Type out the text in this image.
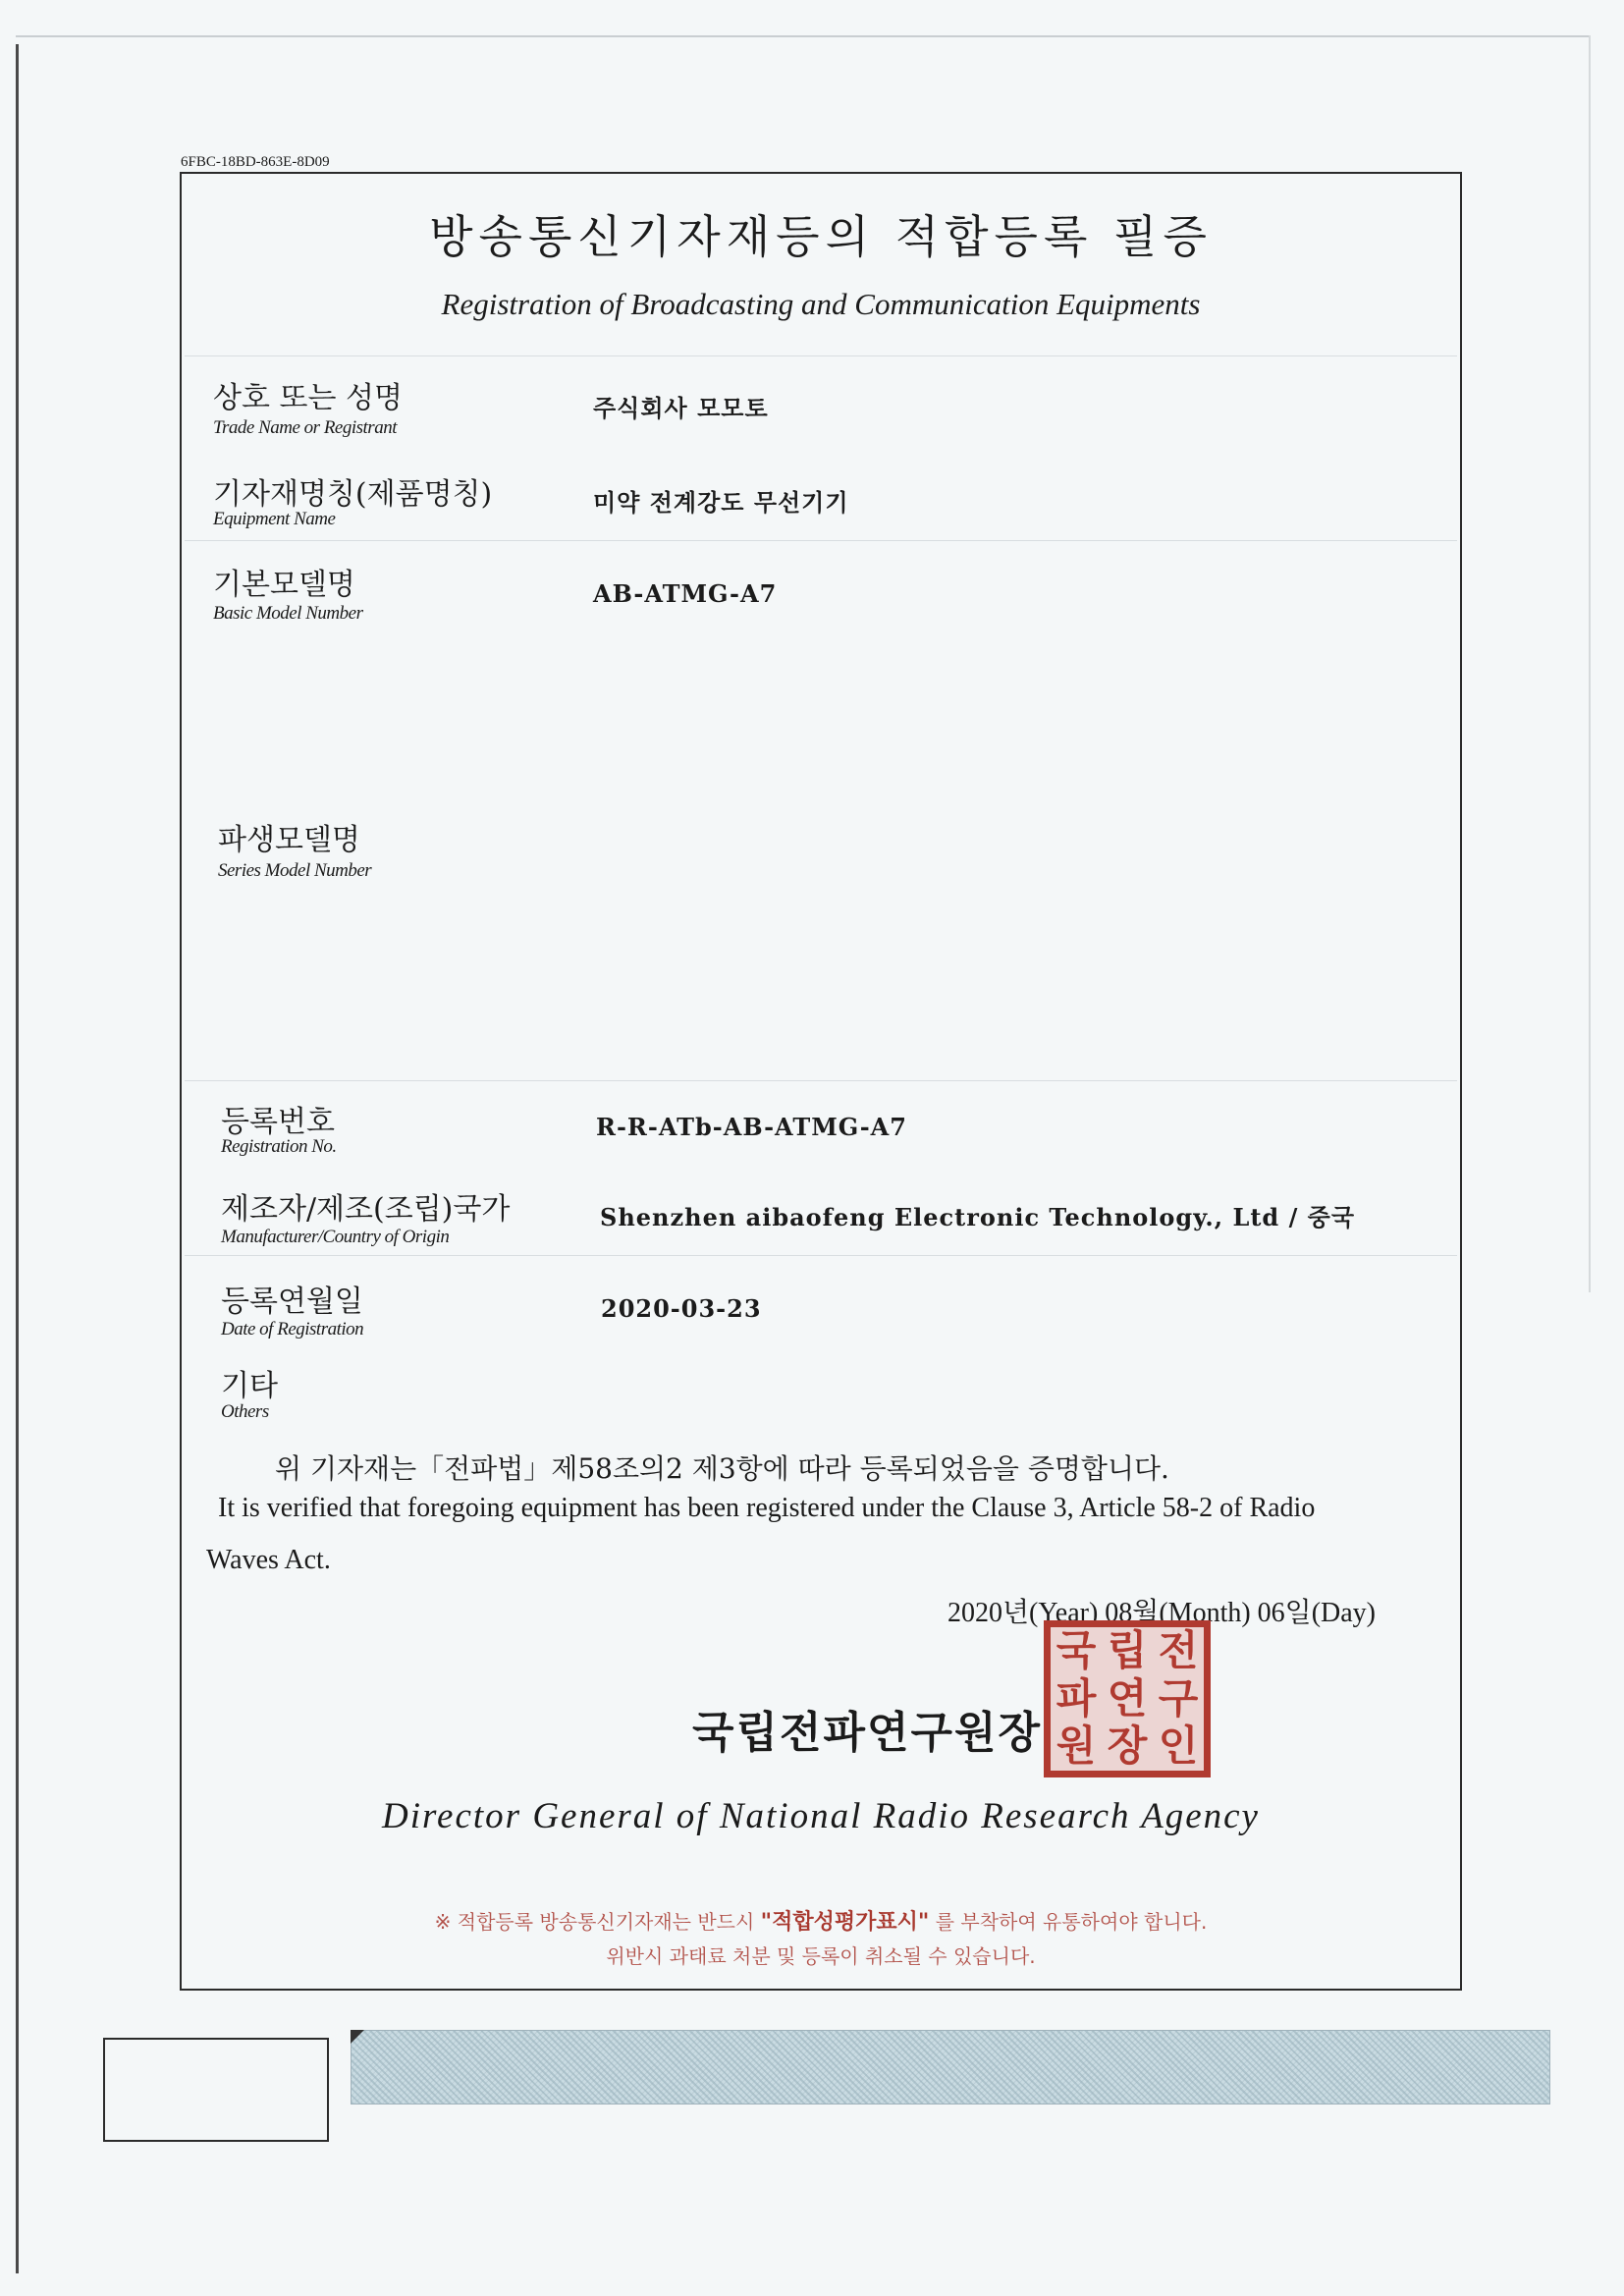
6FBC-18BD-863E-8D09
방송통신기자재등의 적합등록 필증
Registration of Broadcasting and Communication Equipments
상호 또는 성명
Trade Name or Registrant
주식회사 모모토
기자재명칭(제품명칭)
Equipment Name
미약 전계강도 무선기기
기본모델명
Basic Model Number
AB-ATMG-A7
파생모델명
Series Model Number
등록번호
Registration No.
R-R-ATb-AB-ATMG-A7
제조자/제조(조립)국가
Manufacturer/Country of Origin
Shenzhen aibaofeng Electronic Technology., Ltd / 중국
등록연월일
Date of Registration
2020-03-23
기타
Others
위 기자재는「전파법」제58조의2 제3항에 따라 등록되었음을 증명합니다.
It is verified that foregoing equipment has been registered under the Clause 3, Article 58-2 of Radio
Waves Act.
2020년(Year) 08월(Month) 06일(Day)
국립전파연구원장
국 립 전
파 연 구
원 장 인
Director General of National Radio Research Agency
※ 적합등록 방송통신기자재는 반드시 "적합성평가표시" 를 부착하여 유통하여야 합니다.
위반시 과태료 처분 및 등록이 취소될 수 있습니다.
